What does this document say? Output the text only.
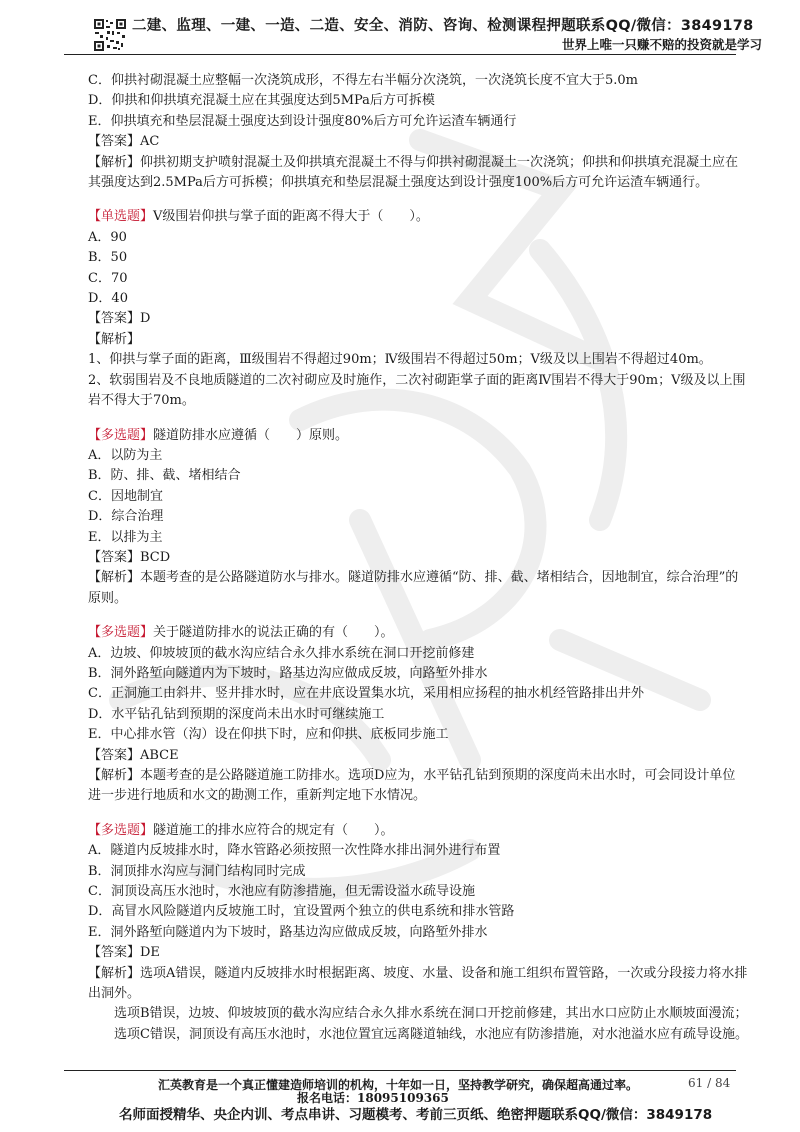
二建、监理、一建、一造、二造、安全、消防、咨询、检测课程押题联系QQ/微信：3849178
世界上唯一只赚不赔的投资就是学习

C．仰拱衬砌混凝土应整幅一次浇筑成形，不得左右半幅分次浇筑，一次浇筑长度不宜大于5.0m

D．仰拱和仰拱填充混凝土应在其强度达到5MPa后方可拆模

E．仰拱填充和垫层混凝土强度达到设计强度80%后方可允许运渣车辆通行

【答案】AC

【解析】仰拱初期支护喷射混凝土及仰拱填充混凝土不得与仰拱衬砌混凝土一次浇筑；仰拱和仰拱填充混凝土应在其强度达到2.5MPa后方可拆模；仰拱填充和垫层混凝土强度达到设计强度100%后方可允许运渣车辆通行。

【单选题】V级围岩仰拱与掌子面的距离不得大于（　　）。

A．90

B．50

C．70

D．40

【答案】D

【解析】

1、仰拱与掌子面的距离，Ⅲ级围岩不得超过90m；Ⅳ级围岩不得超过50m；Ⅴ级及以上围岩不得超过40m。

2、软弱围岩及不良地质隧道的二次衬砌应及时施作，二次衬砌距掌子面的距离Ⅳ围岩不得大于90m；Ⅴ级及以上围岩不得大于70m。

【多选题】隧道防排水应遵循（　　）原则。

A．以防为主

B．防、排、截、堵相结合

C．因地制宜

D．综合治理

E．以排为主

【答案】BCD

【解析】本题考查的是公路隧道防水与排水。隧道防排水应遵循“防、排、截、堵相结合，因地制宜，综合治理”的原则。

【多选题】关于隧道防排水的说法正确的有（　　）。

A．边坡、仰坡坡顶的截水沟应结合永久排水系统在洞口开挖前修建

B．洞外路堑向隧道内为下坡时，路基边沟应做成反坡，向路堑外排水

C．正洞施工由斜井、竖井排水时，应在井底设置集水坑，采用相应扬程的抽水机经管路排出井外

D．水平钻孔钻到预期的深度尚未出水时可继续施工

E．中心排水管（沟）设在仰拱下时，应和仰拱、底板同步施工

【答案】ABCE

【解析】本题考查的是公路隧道施工防排水。选项D应为，水平钻孔钻到预期的深度尚未出水时，可会同设计单位进一步进行地质和水文的勘测工作，重新判定地下水情况。

【多选题】隧道施工的排水应符合的规定有（　　）。

A．隧道内反坡排水时，降水管路必须按照一次性降水排出洞外进行布置

B．洞顶排水沟应与洞门结构同时完成

C．洞顶设高压水池时，水池应有防渗措施，但无需设溢水疏导设施

D．高冒水风险隧道内反坡施工时，宜设置两个独立的供电系统和排水管路

E．洞外路堑向隧道内为下坡时，路基边沟应做成反坡，向路堑外排水

【答案】DE

【解析】选项A错误，隧道内反坡排水时根据距离、坡度、水量、设备和施工组织布置管路，一次或分段接力将水排出洞外。

选项B错误，边坡、仰坡坡顶的截水沟应结合永久排水系统在洞口开挖前修建，其出水口应防止水顺坡面漫流；

选项C错误，洞顶设有高压水池时，水池位置宜远离隧道轴线，水池应有防渗措施，对水池溢水应有疏导设施。

汇英教育是一个真正懂建造师培训的机构，十年如一日，坚持教学研究，确保超高通过率。	61 / 84
报名电话：18095109365
名师面授精华、央企内训、考点串讲、习题模考、考前三页纸、绝密押题联系QQ/微信：3849178
